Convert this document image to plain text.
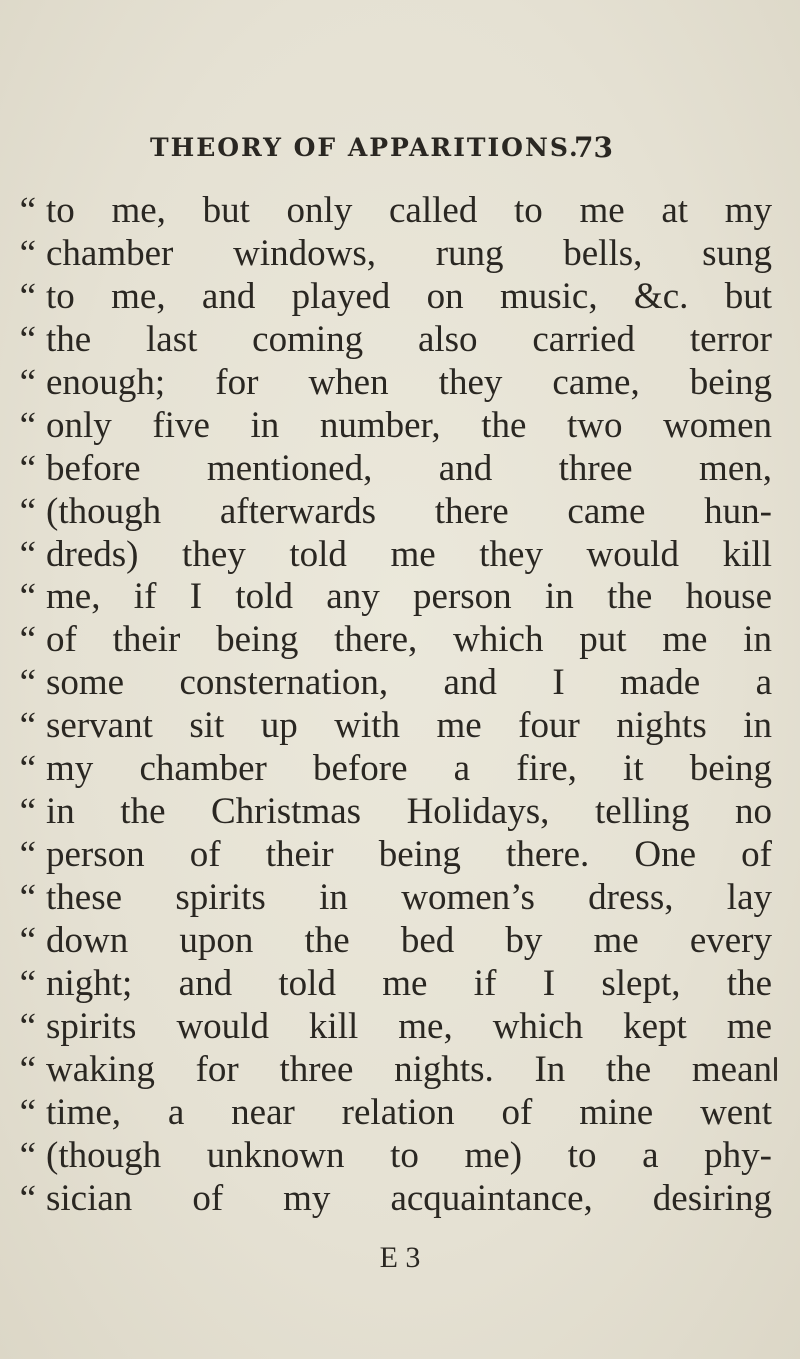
THEORY OF APPARITIONS.
73
“ to me, but only called to me at my
“ chamber windows, rung bells, sung
“ to me, and played on music, &c. but
“ the last coming also carried terror
“ enough; for when they came, being
“ only five in number, the two women
“ before mentioned, and three men,
“ (though afterwards there came hun-
“ dreds) they told me they would kill
“ me, if I told any person in the house
“ of their being there, which put me in
“ some consternation, and I made a
“ servant sit up with me four nights in
“ my chamber before a fire, it being
“ in the Christmas Holidays, telling no
“ person of their being there. One of
“ these spirits in women’s dress, lay
“ down upon the bed by me every
“ night; and told me if I slept, the
“ spirits would kill me, which kept me
“ waking for three nights. In the mean
“ time, a near relation of mine went
“ (though unknown to me) to a phy-
“ sician of my acquaintance, desiring
E 3
